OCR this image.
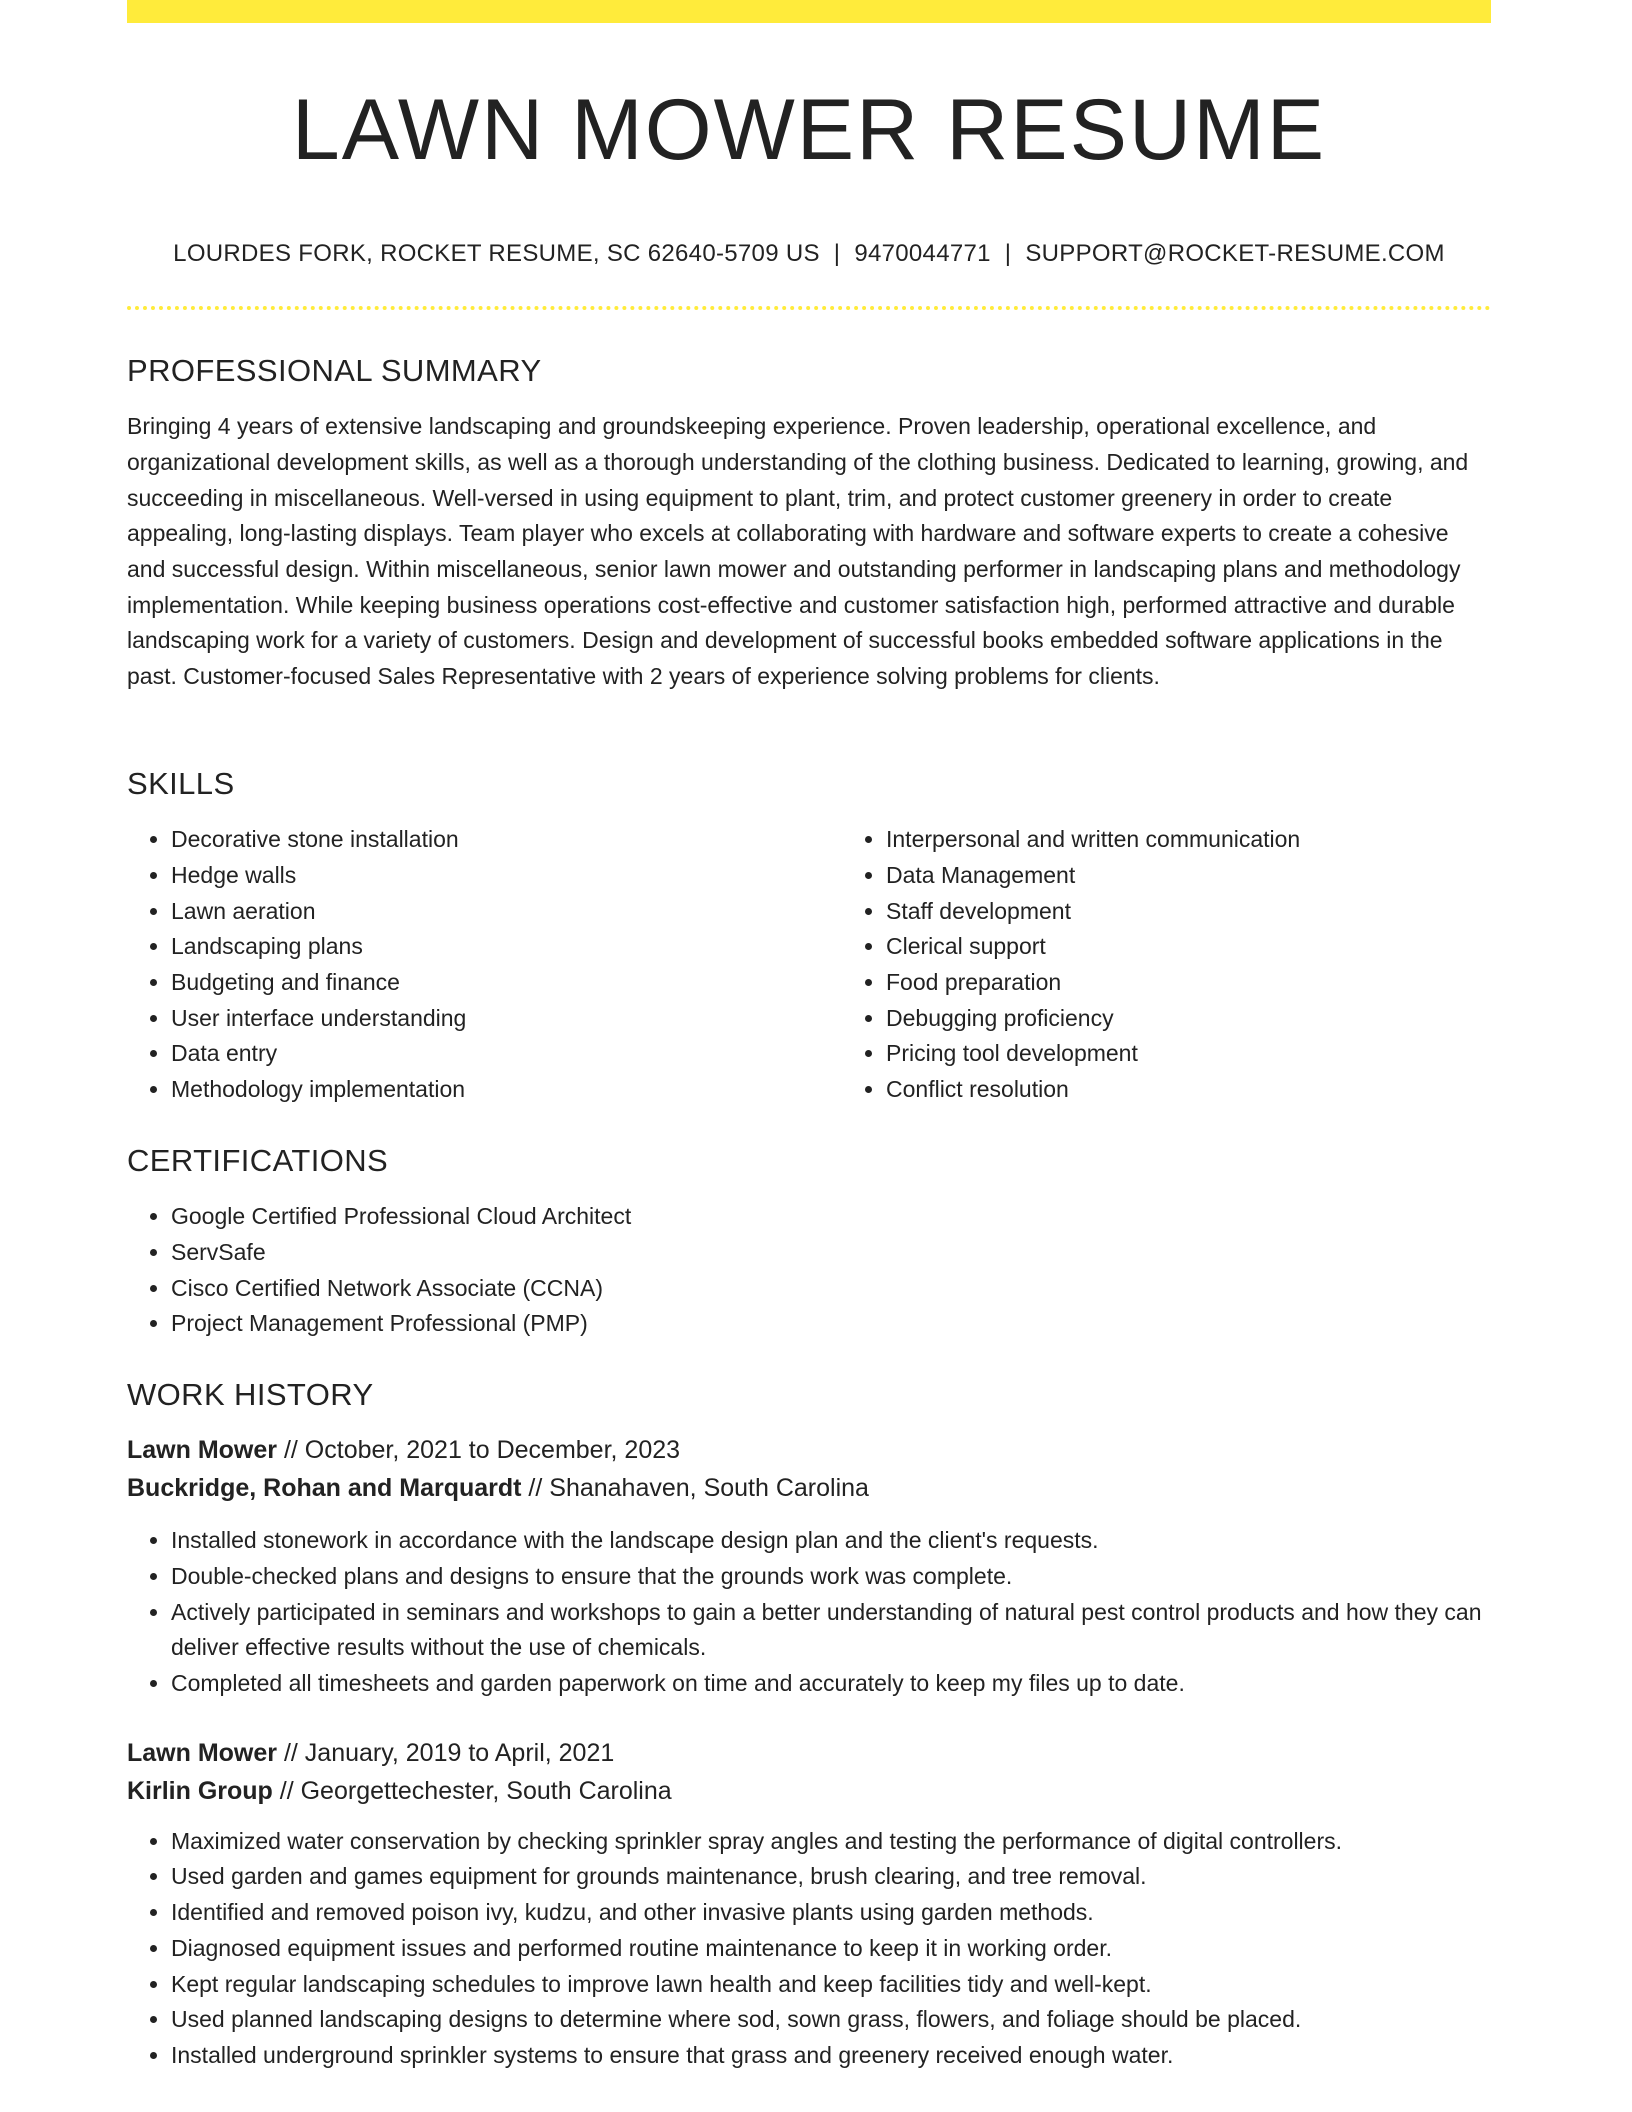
LAWN MOWER RESUME
LOURDES FORK, ROCKET RESUME, SC 62640-5709 US | 9470044771 | SUPPORT@ROCKET-RESUME.COM
PROFESSIONAL SUMMARY

Bringing 4 years of extensive landscaping and groundskeeping experience. Proven leadership, operational excellence, and organizational development skills, as well as a thorough understanding of the clothing business. Dedicated to learning, growing, and succeeding in miscellaneous. Well-versed in using equipment to plant, trim, and protect customer greenery in order to create appealing, long-lasting displays. Team player who excels at collaborating with hardware and software experts to create a cohesive and successful design. Within miscellaneous, senior lawn mower and outstanding performer in landscaping plans and methodology implementation. While keeping business operations cost-effective and customer satisfaction high, performed attractive and durable landscaping work for a variety of customers. Design and development of successful books embedded software applications in the past. Customer-focused Sales Representative with 2 years of experience solving problems for clients.

SKILLS
• Decorative stone installation
• Hedge walls
• Lawn aeration
• Landscaping plans
• Budgeting and finance
• User interface understanding
• Data entry
• Methodology implementation
• Interpersonal and written communication
• Data Management
• Staff development
• Clerical support
• Food preparation
• Debugging proficiency
• Pricing tool development
• Conflict resolution
CERTIFICATIONS
• Google Certified Professional Cloud Architect
• ServSafe
• Cisco Certified Network Associate (CCNA)
• Project Management Professional (PMP)
WORK HISTORY
Lawn Mower // October, 2021 to December, 2023
Buckridge, Rohan and Marquardt // Shanahaven, South Carolina
• Installed stonework in accordance with the landscape design plan and the client's requests.
• Double-checked plans and designs to ensure that the grounds work was complete.
• Actively participated in seminars and workshops to gain a better understanding of natural pest control products and how they can deliver effective results without the use of chemicals.
• Completed all timesheets and garden paperwork on time and accurately to keep my files up to date.
Lawn Mower // January, 2019 to April, 2021
Kirlin Group // Georgettechester, South Carolina
• Maximized water conservation by checking sprinkler spray angles and testing the performance of digital controllers.
• Used garden and games equipment for grounds maintenance, brush clearing, and tree removal.
• Identified and removed poison ivy, kudzu, and other invasive plants using garden methods.
• Diagnosed equipment issues and performed routine maintenance to keep it in working order.
• Kept regular landscaping schedules to improve lawn health and keep facilities tidy and well-kept.
• Used planned landscaping designs to determine where sod, sown grass, flowers, and foliage should be placed.
• Installed underground sprinkler systems to ensure that grass and greenery received enough water.
